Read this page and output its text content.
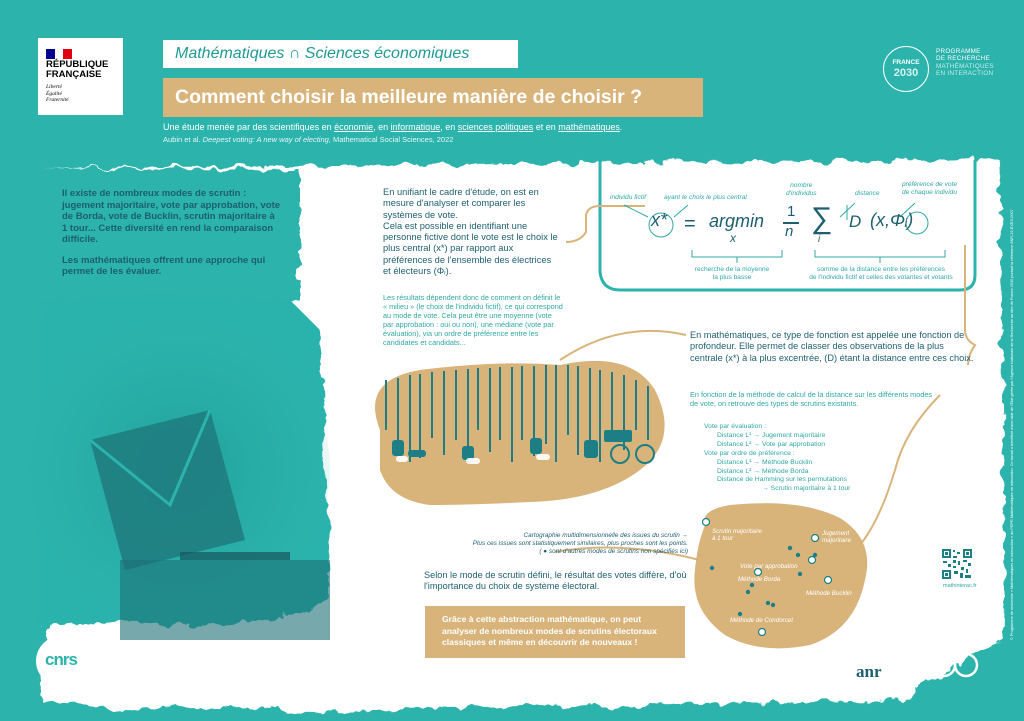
RÉPUBLIQUE
FRANÇAISE
Liberté
Égalité
Fraternité
Mathématiques ∩ Sciences économiques
Comment choisir la meilleure manière de choisir ?
Une étude menée par des scientifiques en économie, en informatique, en sciences politiques et en mathématiques.
Aubin et al. Deepest voting: A new way of electing, Mathematical Social Sciences, 2022
FRANCE
2030
PROGRAMME
DE RECHERCHE
MATHÉMATIQUES
EN INTERACTION
Il existe de nombreux modes de scrutin : jugement majoritaire, vote par approbation, vote de Borda, vote de Bucklin, scrutin majoritaire à 1 tour... Cette diversité en rend la comparaison difficile.
Les mathématiques offrent une approche qui permet de les évaluer.
En unifiant le cadre d'étude, on est en mesure d'analyser et comparer les systèmes de vote.
Cela est possible en identifiant une personne fictive dont le vote est le choix le plus central (x*) par rapport aux préférences de l'ensemble des électrices et électeurs (Φᵢ).
Les résultats dépendent donc de comment on définit le « milieu » (le choix de l'individu fictif), ce qui correspond au mode de vote. Cela peut être une moyenne (vote par approbation : oui ou non), une médiane (vote par évaluation), via un ordre de préférence entre les candidates et candidats...
individu fictif	ayant le choix le plus central
nombre
d'individus	distance
préférence de vote
de chaque individu
x* = argmin
x
1
n ∑
i
D (x,Φᵢ)
recherche de la moyenne
la plus basse
somme de la distance entre les préférences
de l'individu fictif et celles des votantes et votants
En mathématiques, ce type de fonction est appelée une fonction de profondeur. Elle permet de classer des observations de la plus centrale (x*) à la plus excentrée, (D) étant la distance entre ces choix.
En fonction de la méthode de calcul de la distance sur les différents modes de vote, on retrouve des types de scrutins existants.
Vote par évaluation :
Distance L¹ → Jugement majoritaire
Distance L² → Vote par approbation
Vote par ordre de préférence :
Distance L¹ → Méthode Bucklin
Distance L² → Méthode Borda
Distance de Hamming sur les permutations
→ Scrutin majoritaire à 1 tour
Cartographie multidimensionnelle des issues du scrutin →
Plus ces issues sont statistiquement similaires, plus proches sont les points.
( ● sont d'autres modes de scrutins non spécifiés ici)
Selon le mode de scrutin défini, le résultat des votes diffère, d'où l'importance du choix de système électoral.
Grâce à cette abstraction mathématique, on peut analyser de nombreux modes de scrutins électoraux classiques et même en découvrir de nouveaux !
Scrutin majoritaire
à 1 tour
Jugement
majoritaire
Vote par approbation
Méthode Borda
Méthode Bucklin
Méthode de Condorcet
mathinterac.fr
cnrs
anr
© Programme de recherche « Mathématiques en interaction » du PEPR Mathématiques en interaction. Ce travail a bénéficié d'une aide de l'État gérée par l'Agence Nationale de la Recherche au titre de France 2030 portant la référence ANR-22-EXES-0007
